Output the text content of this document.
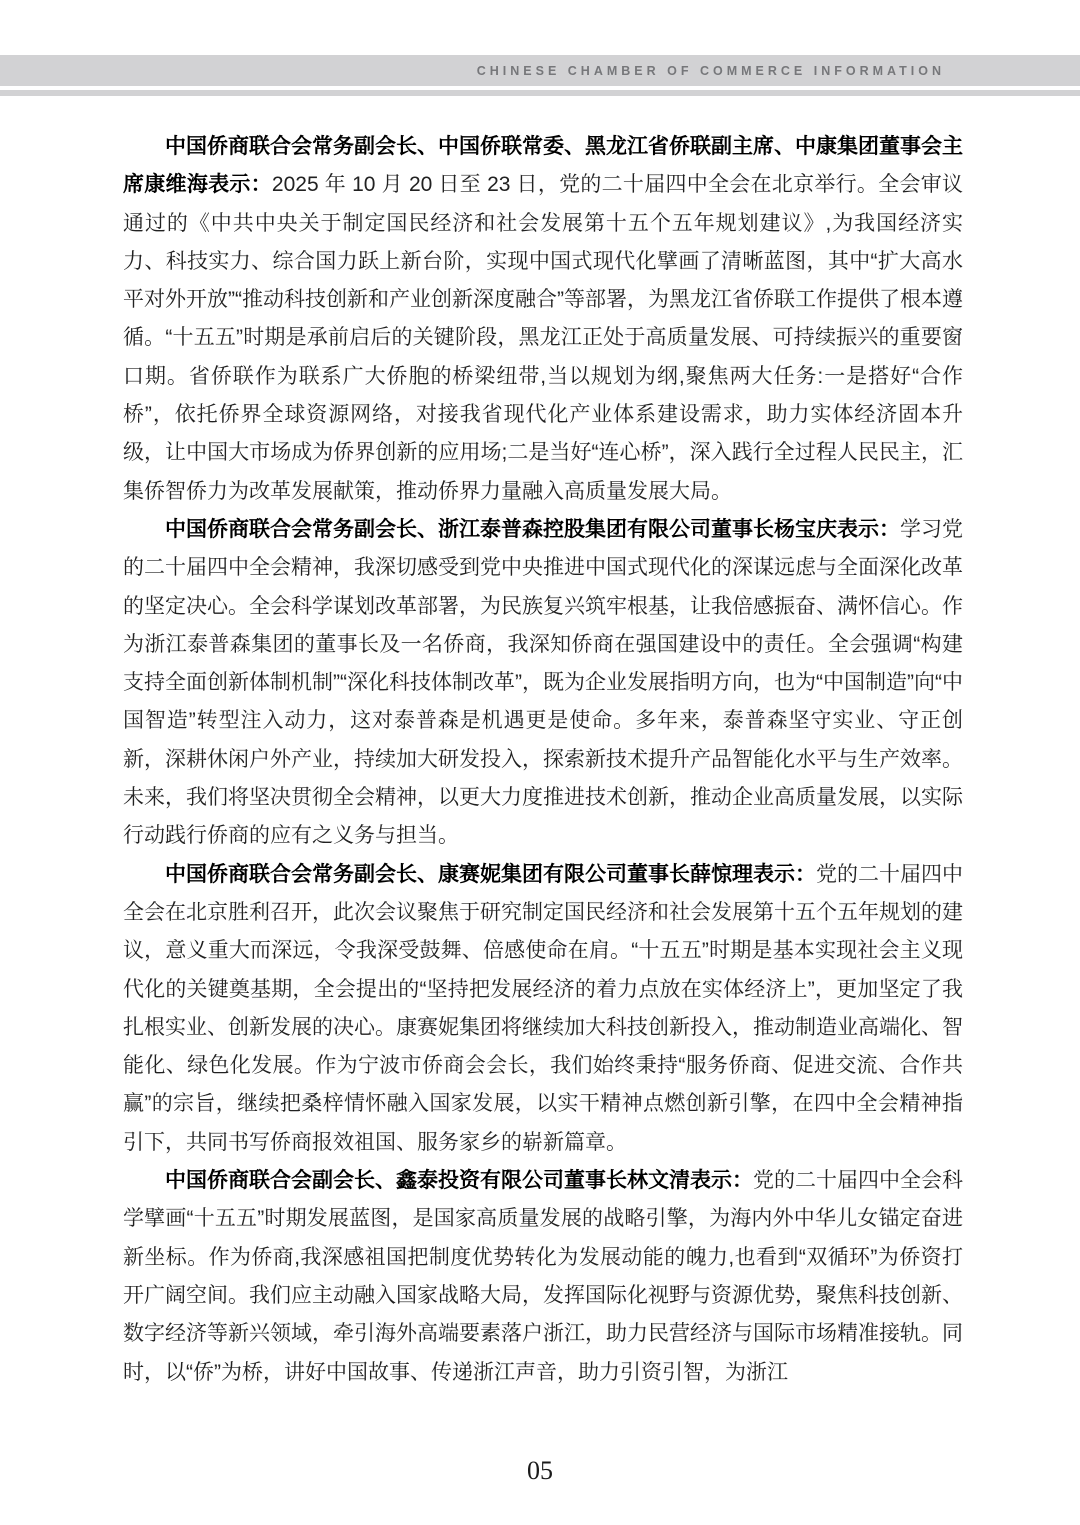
CHINESE CHAMBER OF COMMERCE INFORMATION

中国侨商联合会常务副会长、中国侨联常委、黑龙江省侨联副主席、中康集团董事会主席康维海表示：2025 年 10 月 20 日至 23 日，党的二十届四中全会在北京举行。全会审议通过的《中共中央关于制定国民经济和社会发展第十五个五年规划建议》,为我国经济实力、科技实力、综合国力跃上新台阶，实现中国式现代化擘画了清晰蓝图，其中“扩大高水平对外开放”“推动科技创新和产业创新深度融合”等部署，为黑龙江省侨联工作提供了根本遵循。“十五五”时期是承前启后的关键阶段，黑龙江正处于高质量发展、可持续振兴的重要窗口期。省侨联作为联系广大侨胞的桥梁纽带,当以规划为纲,聚焦两大任务:一是搭好“合作桥”，依托侨界全球资源网络，对接我省现代化产业体系建设需求，助力实体经济固本升级，让中国大市场成为侨界创新的应用场;二是当好“连心桥”，深入践行全过程人民民主，汇集侨智侨力为改革发展献策，推动侨界力量融入高质量发展大局。

中国侨商联合会常务副会长、浙江泰普森控股集团有限公司董事长杨宝庆表示：学习党的二十届四中全会精神，我深切感受到党中央推进中国式现代化的深谋远虑与全面深化改革的坚定决心。全会科学谋划改革部署，为民族复兴筑牢根基，让我倍感振奋、满怀信心。作为浙江泰普森集团的董事长及一名侨商，我深知侨商在强国建设中的责任。全会强调“构建支持全面创新体制机制”“深化科技体制改革”，既为企业发展指明方向，也为“中国制造”向“中国智造”转型注入动力，这对泰普森是机遇更是使命。多年来，泰普森坚守实业、守正创新，深耕休闲户外产业，持续加大研发投入，探索新技术提升产品智能化水平与生产效率。未来，我们将坚决贯彻全会精神，以更大力度推进技术创新，推动企业高质量发展，以实际行动践行侨商的应有之义务与担当。

中国侨商联合会常务副会长、康赛妮集团有限公司董事长薛惊理表示：党的二十届四中全会在北京胜利召开，此次会议聚焦于研究制定国民经济和社会发展第十五个五年规划的建议，意义重大而深远，令我深受鼓舞、倍感使命在肩。“十五五”时期是基本实现社会主义现代化的关键奠基期，全会提出的“坚持把发展经济的着力点放在实体经济上”，更加坚定了我扎根实业、创新发展的决心。康赛妮集团将继续加大科技创新投入，推动制造业高端化、智能化、绿色化发展。作为宁波市侨商会会长，我们始终秉持“服务侨商、促进交流、合作共赢”的宗旨，继续把桑梓情怀融入国家发展，以实干精神点燃创新引擎，在四中全会精神指引下，共同书写侨商报效祖国、服务家乡的崭新篇章。

中国侨商联合会副会长、鑫泰投资有限公司董事长林文清表示：党的二十届四中全会科学擘画“十五五”时期发展蓝图，是国家高质量发展的战略引擎，为海内外中华儿女锚定奋进新坐标。作为侨商,我深感祖国把制度优势转化为发展动能的魄力,也看到“双循环”为侨资打开广阔空间。我们应主动融入国家战略大局，发挥国际化视野与资源优势，聚焦科技创新、数字经济等新兴领域，牵引海外高端要素落户浙江，助力民营经济与国际市场精准接轨。同时，以“侨”为桥，讲好中国故事、传递浙江声音，助力引资引智，为浙江

05
